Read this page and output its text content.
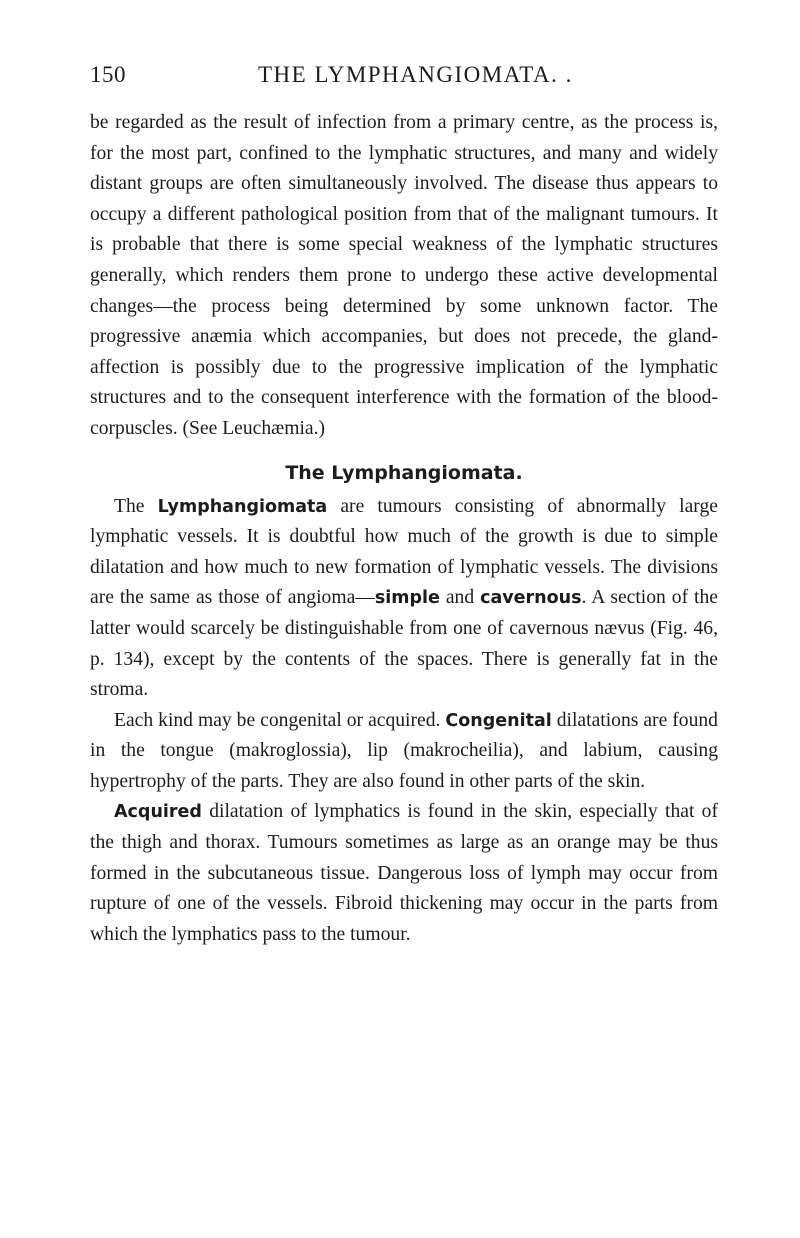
150	THE LYMPHANGIOMATA. .

be regarded as the result of infection from a primary centre, as the process is, for the most part, confined to the lymphatic structures, and many and widely distant groups are often simultaneously involved. The disease thus appears to occupy a different pathological position from that of the malignant tumours. It is probable that there is some special weakness of the lymphatic structures generally, which renders them prone to undergo these active developmental changes—the process being determined by some unknown factor. The progressive anæmia which accompanies, but does not precede, the gland-affection is possibly due to the progressive implication of the lymphatic structures and to the consequent interference with the formation of the blood-corpuscles. (See Leuchæmia.)

The Lymphangiomata.

The Lymphangiomata are tumours consisting of abnormally large lymphatic vessels. It is doubtful how much of the growth is due to simple dilatation and how much to new formation of lymphatic vessels. The divisions are the same as those of angioma—simple and cavernous. A section of the latter would scarcely be distinguishable from one of cavernous nævus (Fig. 46, p. 134), except by the contents of the spaces. There is generally fat in the stroma.

Each kind may be congenital or acquired. Congenital dilatations are found in the tongue (makroglossia), lip (makrocheilia), and labium, causing hypertrophy of the parts. They are also found in other parts of the skin.

Acquired dilatation of lymphatics is found in the skin, especially that of the thigh and thorax. Tumours sometimes as large as an orange may be thus formed in the subcutaneous tissue. Dangerous loss of lymph may occur from rupture of one of the vessels. Fibroid thickening may occur in the parts from which the lymphatics pass to the tumour.
